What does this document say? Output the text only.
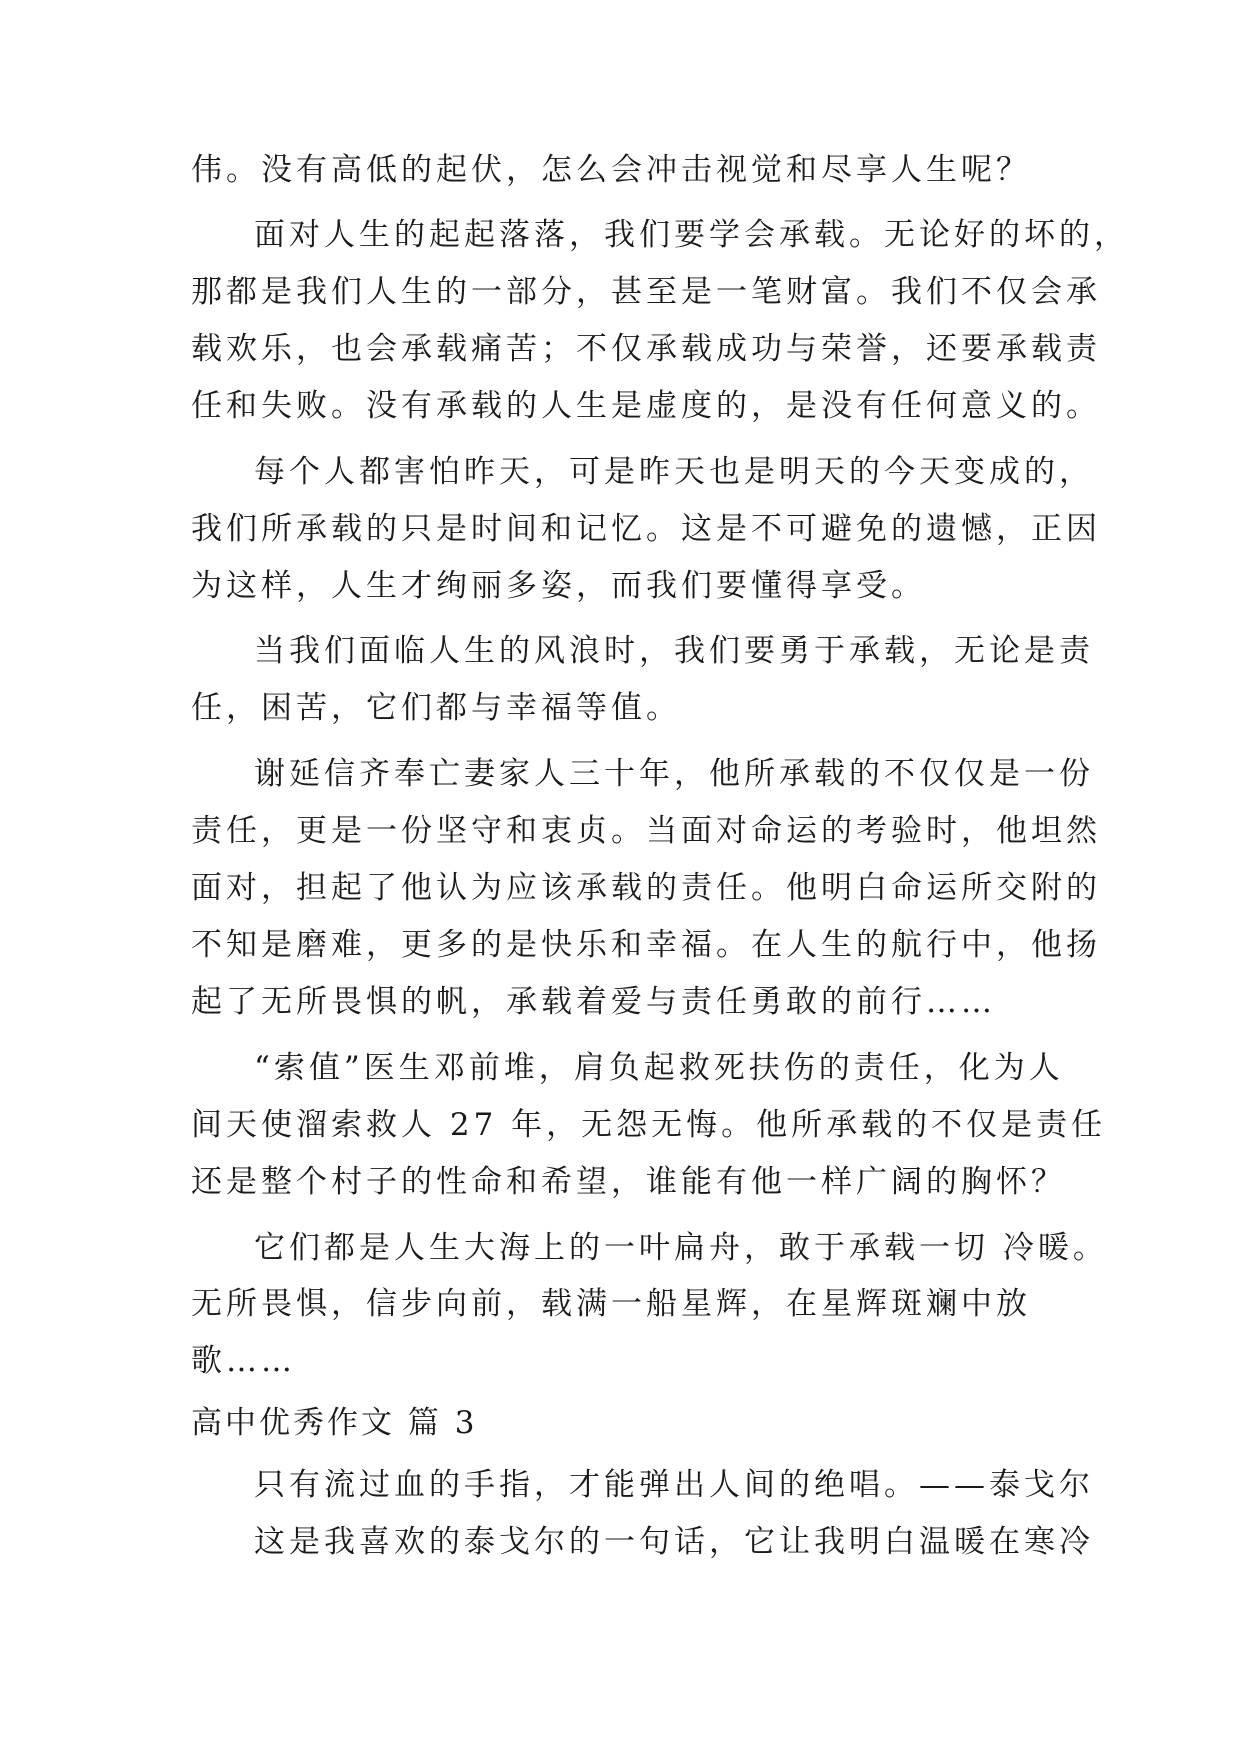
伟。没有高低的起伏，怎么会冲击视觉和尽享人生呢？
面对人生的起起落落，我们要学会承载。无论好的坏的，
那都是我们人生的一部分，甚至是一笔财富。我们不仅会承
载欢乐，也会承载痛苦；不仅承载成功与荣誉，还要承载责
任和失败。没有承载的人生是虚度的，是没有任何意义的。
每个人都害怕昨天，可是昨天也是明天的今天变成的，
我们所承载的只是时间和记忆。这是不可避免的遗憾，正因
为这样，人生才绚丽多姿，而我们要懂得享受。
当我们面临人生的风浪时，我们要勇于承载，无论是责
任，困苦，它们都与幸福等值。
谢延信齐奉亡妻家人三十年，他所承载的不仅仅是一份
责任，更是一份坚守和衷贞。当面对命运的考验时，他坦然
面对，担起了他认为应该承载的责任。他明白命运所交附的
不知是磨难，更多的是快乐和幸福。在人生的航行中，他扬
起了无所畏惧的帆，承载着爱与责任勇敢的前行……
“索值”医生邓前堆，肩负起救死扶伤的责任，化为人
间天使溜索救人 27 年，无怨无悔。他所承载的不仅是责任
还是整个村子的性命和希望，谁能有他一样广阔的胸怀？
它们都是人生大海上的一叶扁舟，敢于承载一切 冷暖。
无所畏惧，信步向前，载满一船星辉，在星辉斑斓中放
歌……
高中优秀作文 篇 3
只有流过血的手指，才能弹出人间的绝唱。——泰戈尔
这是我喜欢的泰戈尔的一句话，它让我明白温暖在寒冷
